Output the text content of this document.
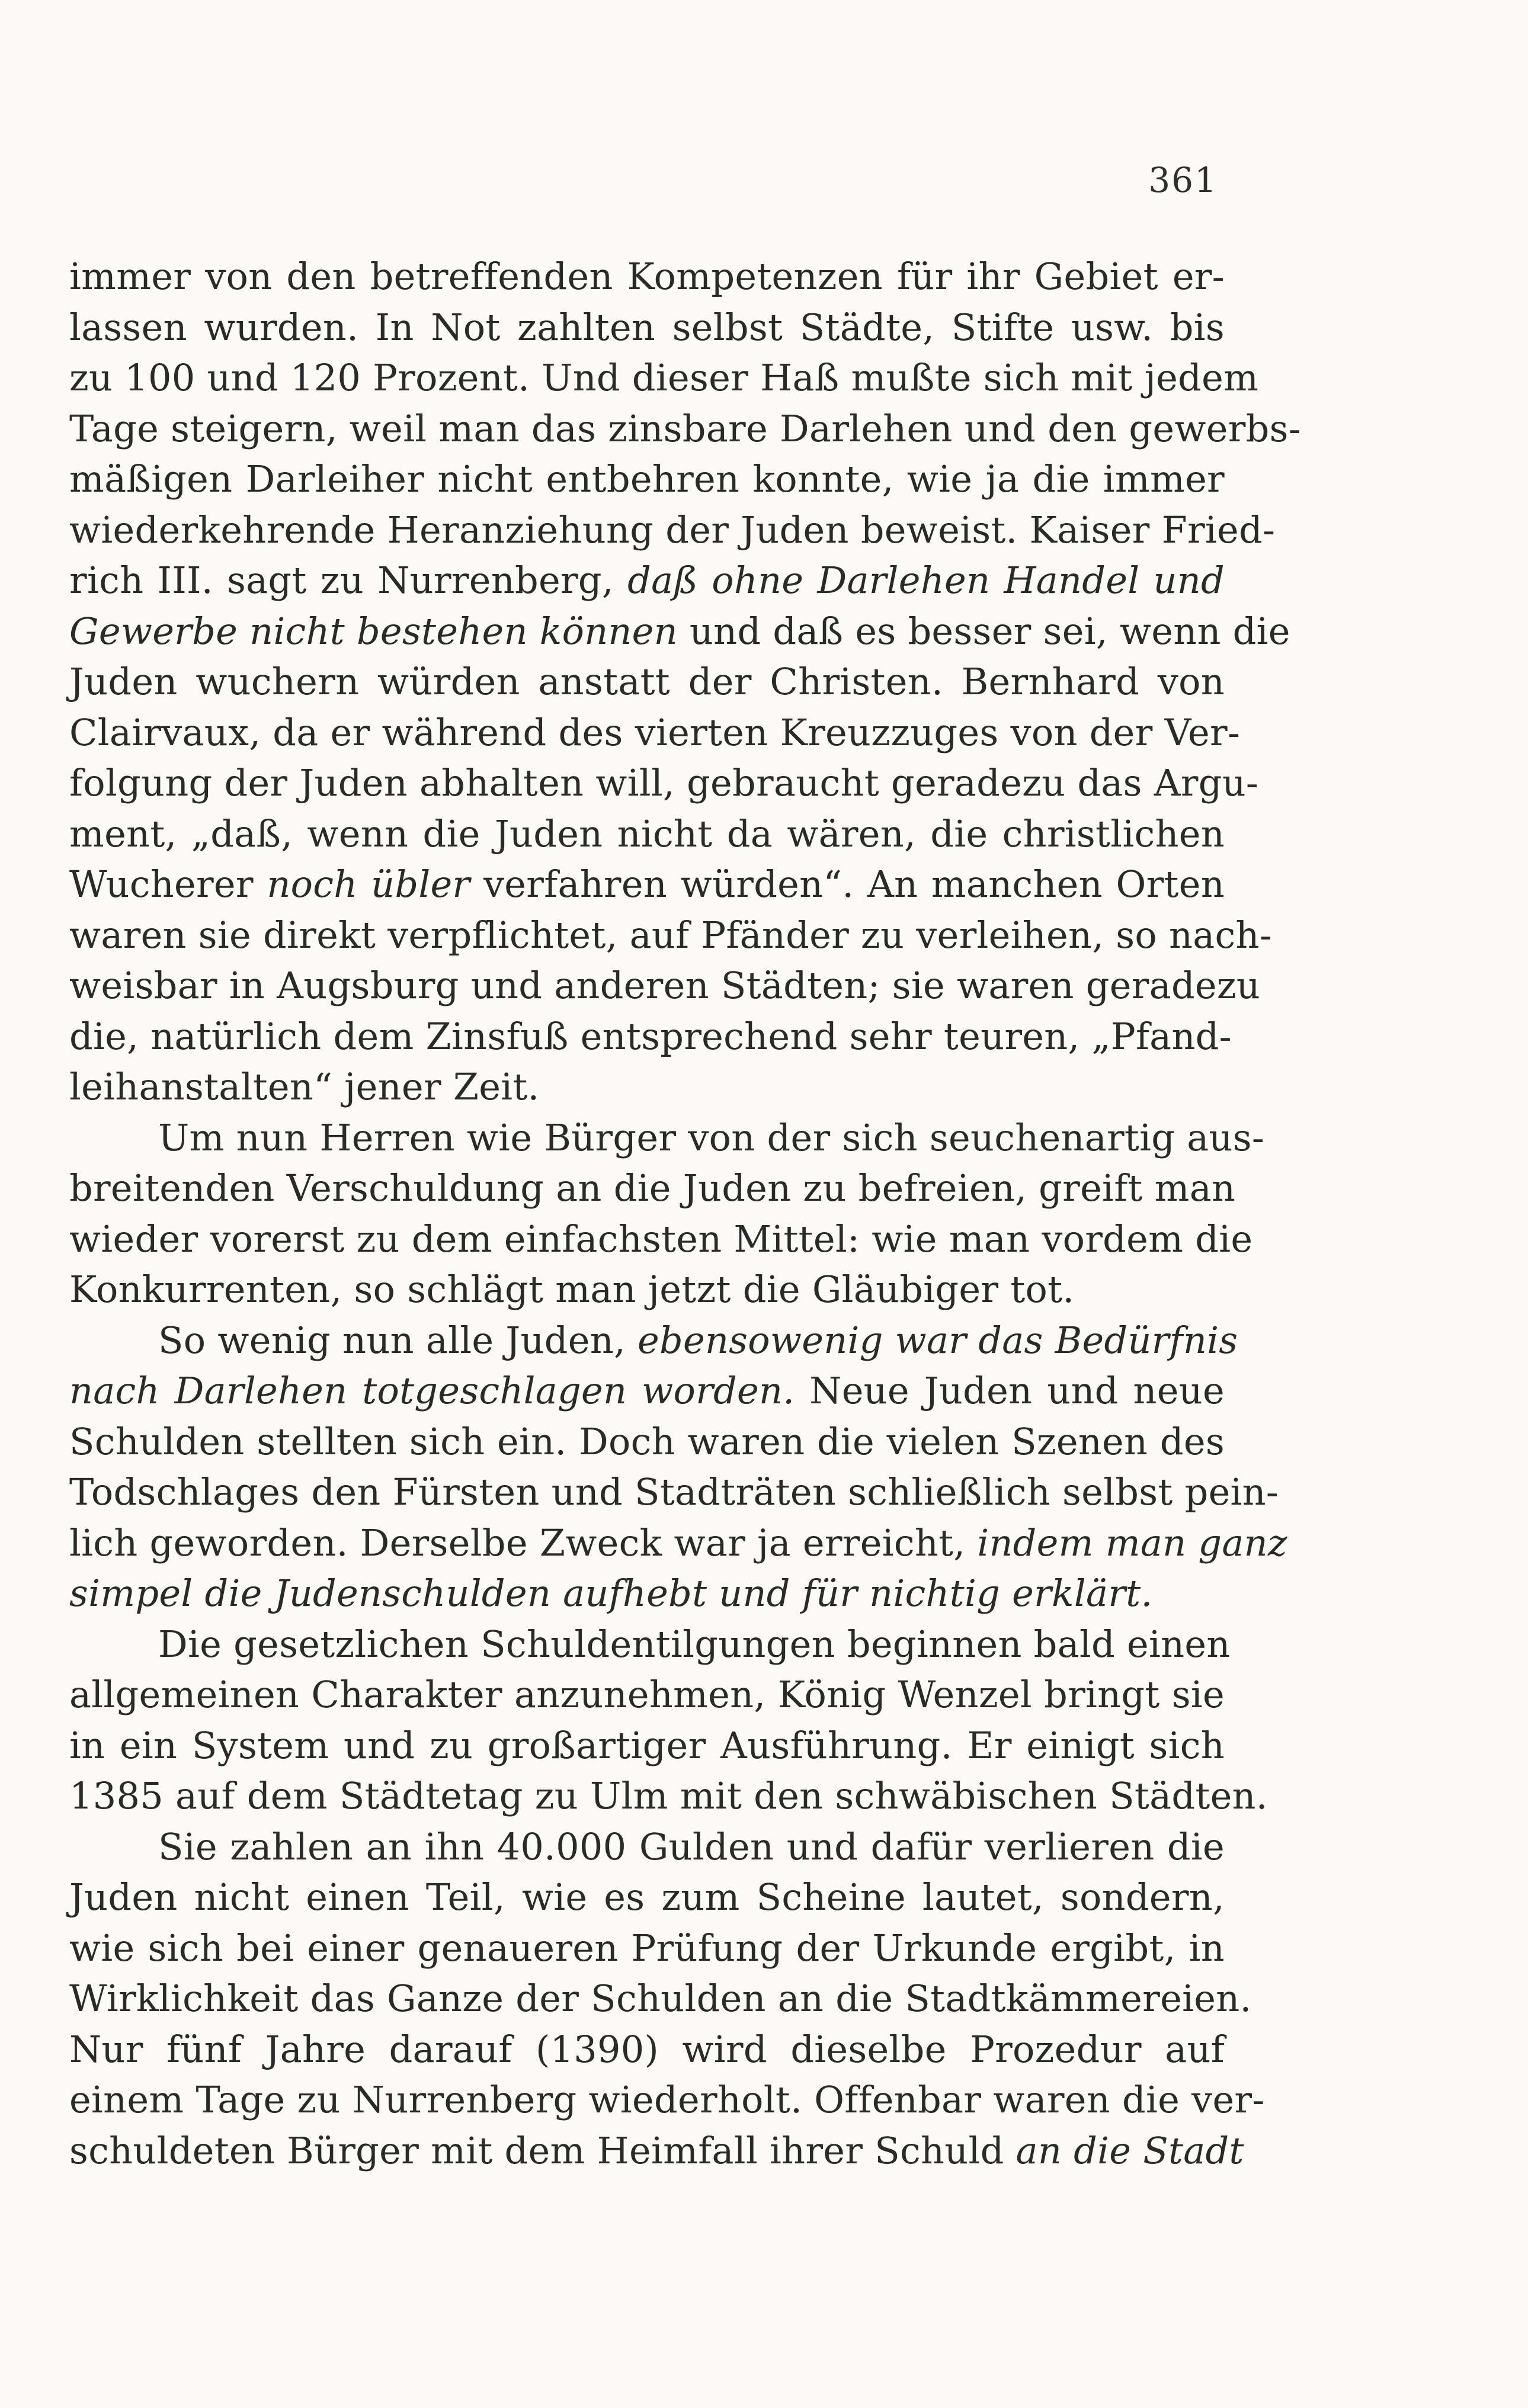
361
immer von den betreffenden Kompetenzen für ihr Gebiet er-
lassen wurden. In Not zahlten selbst Städte, Stifte usw. bis
zu 100 und 120 Prozent. Und dieser Haß mußte sich mit jedem
Tage steigern, weil man das zinsbare Darlehen und den gewerbs-
mäßigen Darleiher nicht entbehren konnte, wie ja die immer
wiederkehrende Heranziehung der Juden beweist. Kaiser Fried-
rich III. sagt zu Nurrenberg, daß ohne Darlehen Handel und
Gewerbe nicht bestehen können und daß es besser sei, wenn die
Juden wuchern würden anstatt der Christen. Bernhard von
Clairvaux, da er während des vierten Kreuzzuges von der Ver-
folgung der Juden abhalten will, gebraucht geradezu das Argu-
ment, „daß, wenn die Juden nicht da wären, die christlichen
Wucherer noch übler verfahren würden“. An manchen Orten
waren sie direkt verpflichtet, auf Pfänder zu verleihen, so nach-
weisbar in Augsburg und anderen Städten; sie waren geradezu
die, natürlich dem Zinsfuß entsprechend sehr teuren, „Pfand-
leihanstalten“ jener Zeit.
Um nun Herren wie Bürger von der sich seuchenartig aus-
breitenden Verschuldung an die Juden zu befreien, greift man
wieder vorerst zu dem einfachsten Mittel: wie man vordem die
Konkurrenten, so schlägt man jetzt die Gläubiger tot.
So wenig nun alle Juden, ebensowenig war das Bedürfnis
nach Darlehen totgeschlagen worden. Neue Juden und neue
Schulden stellten sich ein. Doch waren die vielen Szenen des
Todschlages den Fürsten und Stadträten schließlich selbst pein-
lich geworden. Derselbe Zweck war ja erreicht, indem man ganz
simpel die Judenschulden aufhebt und für nichtig erklärt.
Die gesetzlichen Schuldentilgungen beginnen bald einen
allgemeinen Charakter anzunehmen, König Wenzel bringt sie
in ein System und zu großartiger Ausführung. Er einigt sich
1385 auf dem Städtetag zu Ulm mit den schwäbischen Städten.
Sie zahlen an ihn 40.000 Gulden und dafür verlieren die
Juden nicht einen Teil, wie es zum Scheine lautet, sondern,
wie sich bei einer genaueren Prüfung der Urkunde ergibt, in
Wirklichkeit das Ganze der Schulden an die Stadtkämmereien.
Nur fünf Jahre darauf (1390) wird dieselbe Prozedur auf
einem Tage zu Nurrenberg wiederholt. Offenbar waren die ver-
schuldeten Bürger mit dem Heimfall ihrer Schuld an die Stadt
